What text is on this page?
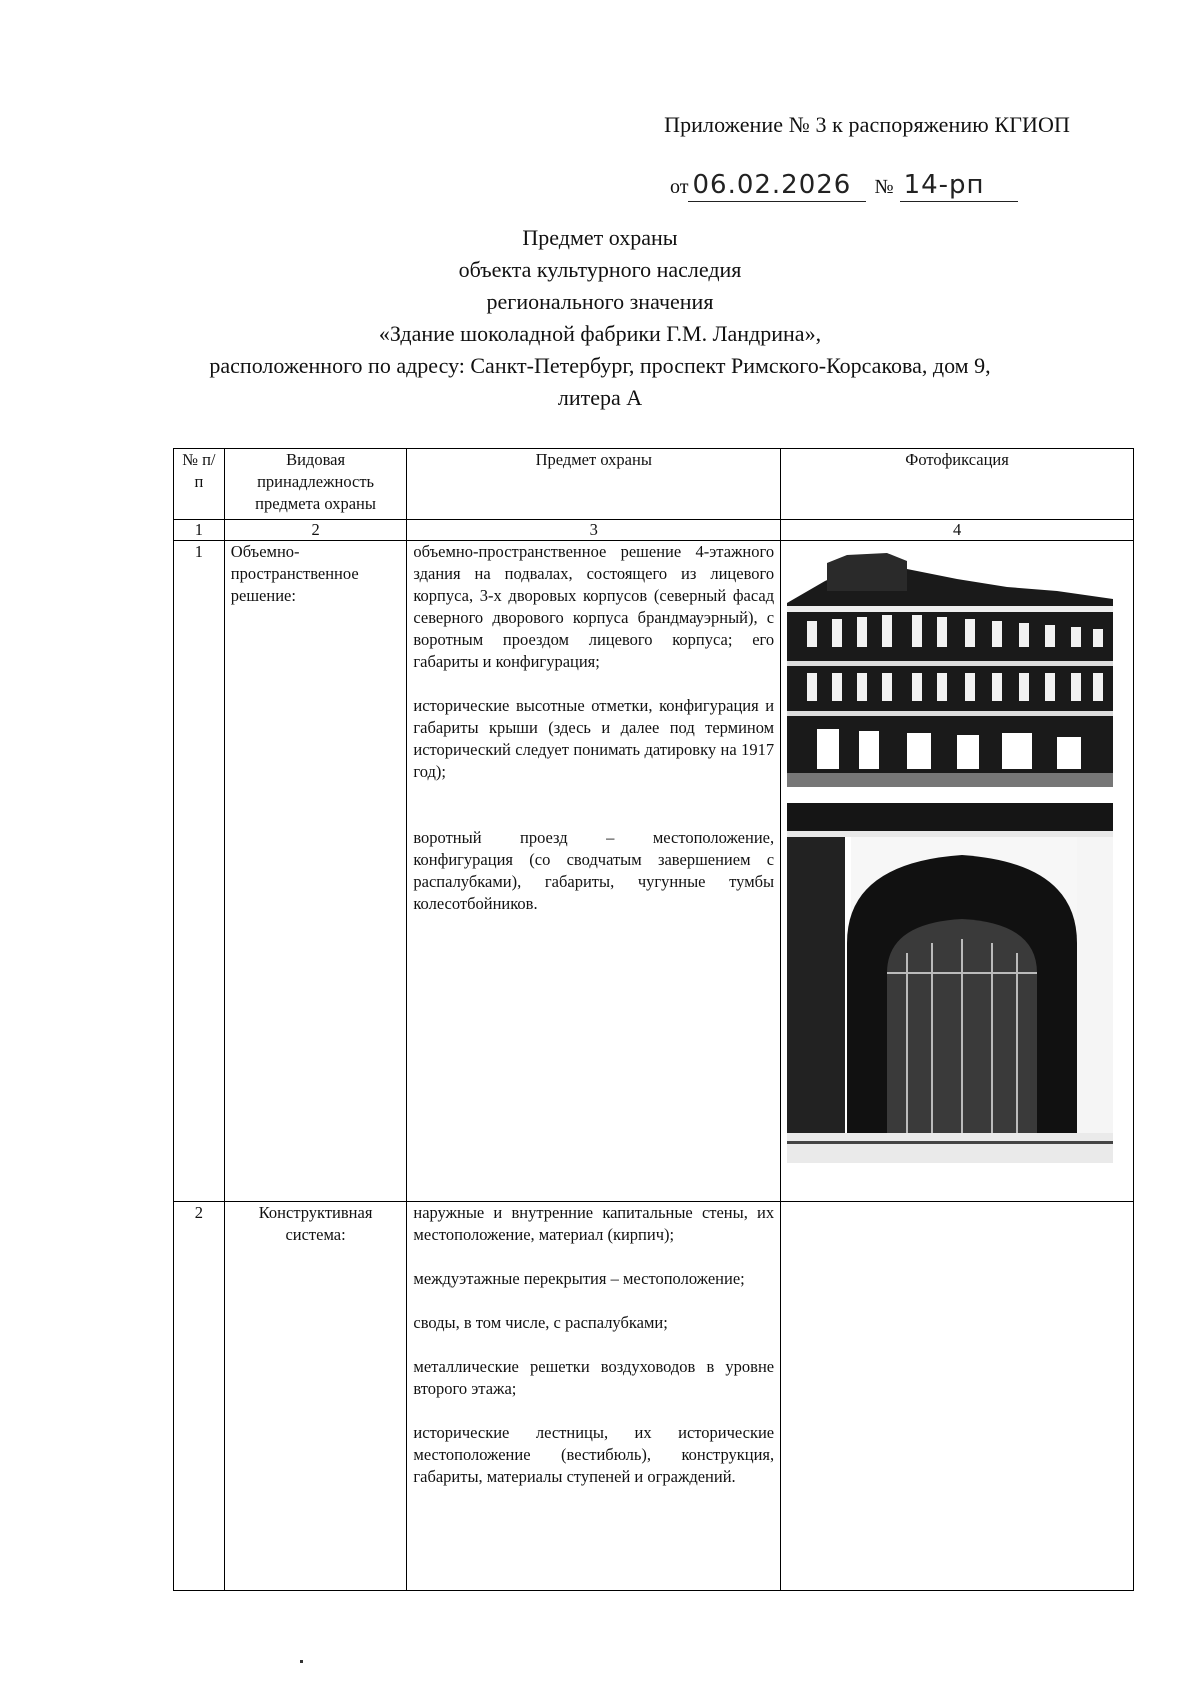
Приложение № 3 к распоряжению КГИОП
от 06.02.2026	№ 14-рп
Предмет охраны
объекта культурного наследия
регионального значения
«Здание шоколадной фабрики Г.М. Ландрина»,
расположенного по адресу: Санкт-Петербург, проспект Римского-Корсакова, дом 9,
литера А
№ п/п	Видовая принадлежность предмета охраны	Предмет охраны	Фотофиксация
1	2	3	4
1	Объемно-пространственное решение:	объемно-пространственное решение 4-этажного здания на подвалах, состоящего из лицевого корпуса, 3-х дворовых корпусов (северный фасад северного дворового корпуса брандмауэрный), с воротным проездом лицевого корпуса; его габариты и конфигурация;

исторические высотные отметки, конфигурация и габариты крыши (здесь и далее под термином исторический следует понимать датировку на 1917 год);

воротный проезд – местоположение, конфигурация (со сводчатым завершением с распалубками), габариты, чугунные тумбы колесотбойников.

2	Конструктивная система:	наружные и внутренние капитальные стены, их местоположение, материал (кирпич);

междуэтажные перекрытия – местоположение;

своды, в том числе, с распалубками;

металлические решетки воздуховодов в уровне второго этажа;

исторические лестницы, их исторические местоположение (вестибюль), конструкция, габариты, материалы ступеней и ограждений.	
